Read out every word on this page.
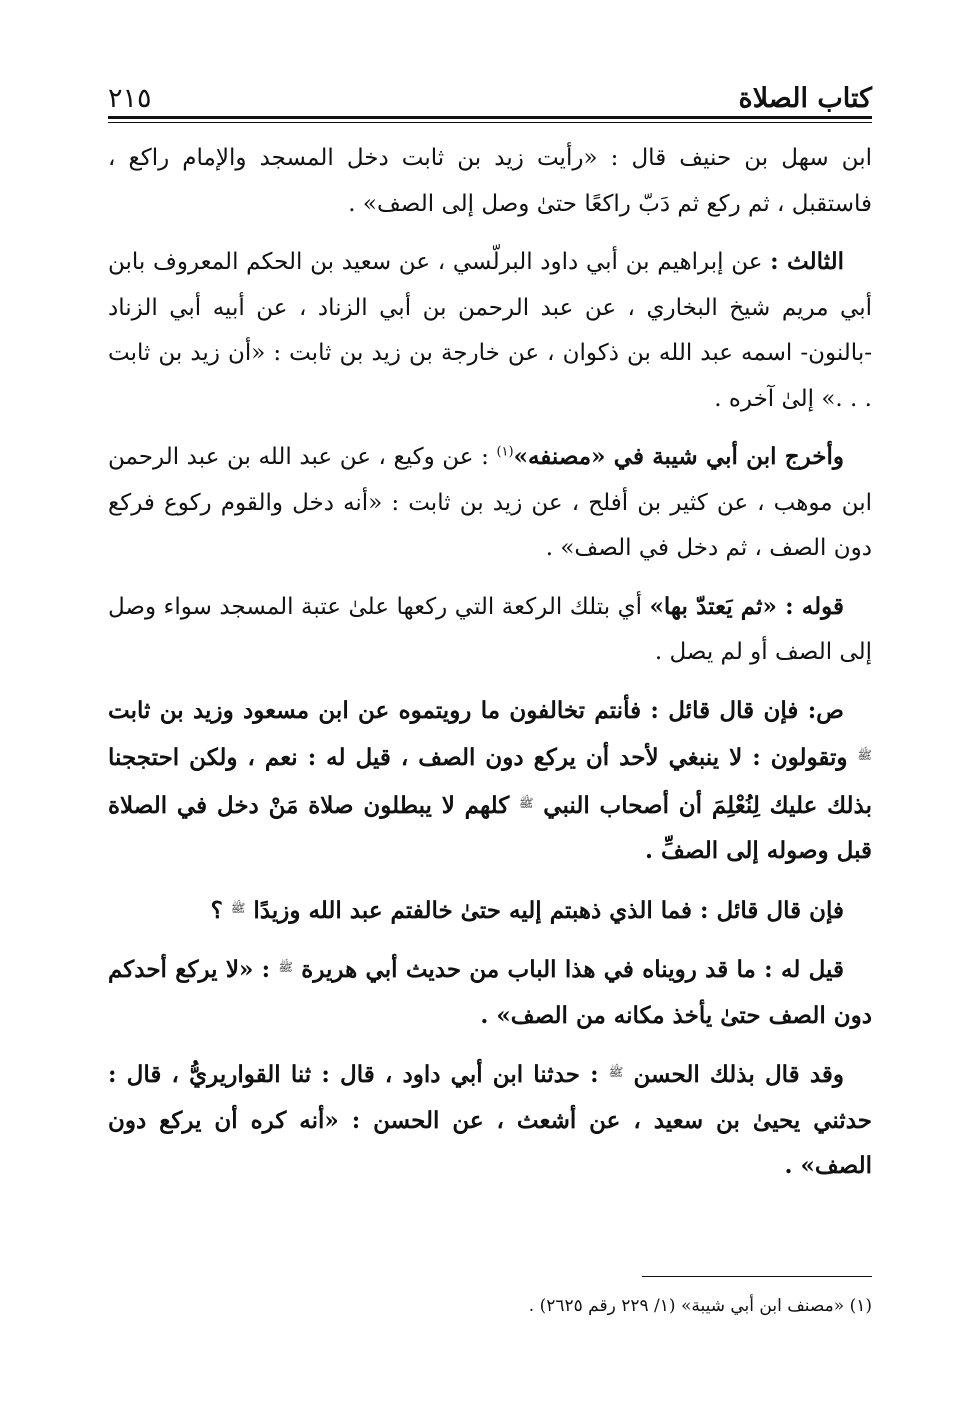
كتاب الصلاة
٢١٥

ابن سهل بن حنيف قال : «رأيت زيد بن ثابت دخل المسجد والإمام راكع ، فاستقبل ، ثم ركع ثم دَبّ راكعًا حتىٰ وصل إلى الصف» .

الثالث : عن إبراهيم بن أبي داود البرلّسي ، عن سعيد بن الحكم المعروف بابن أبي مريم شيخ البخاري ، عن عبد الرحمن بن أبي الزناد ، عن أبيه أبي الزناد -بالنون- اسمه عبد الله بن ذكوان ، عن خارجة بن زيد بن ثابت : «أن زيد بن ثابت . . .» إلىٰ آخره .

وأخرج ابن أبي شيبة في «مصنفه»$^{(١)}$ : عن وكيع ، عن عبد الله بن عبد الرحمن ابن موهب ، عن كثير بن أفلح ، عن زيد بن ثابت : «أنه دخل والقوم ركوع فركع دون الصف ، ثم دخل في الصف» .

قوله : «ثم يَعتدّ بها» أي بتلك الركعة التي ركعها علىٰ عتبة المسجد سواء وصل إلى الصف أو لم يصل .

ص: فإن قال قائل : فأنتم تخالفون ما رويتموه عن ابن مسعود وزيد بن ثابت $^ﷺ$ وتقولون : لا ينبغي لأحد أن يركع دون الصف ، قيل له : نعم ، ولكن احتججنا بذلك عليك لِنُعْلِمَ أن أصحاب النبي $^ﷺ$ كلهم لا يبطلون صلاة مَنْ دخل في الصلاة قبل وصوله إلى الصفِّ .

فإن قال قائل : فما الذي ذهبتم إليه حتىٰ خالفتم عبد الله وزيدًا $^ﷺ$ ؟

قيل له : ما قد رويناه في هذا الباب من حديث أبي هريرة $^ﷺ$ : «لا يركع أحدكم دون الصف حتىٰ يأخذ مكانه من الصف» .

وقد قال بذلك الحسن $^ﷺ$ : حدثنا ابن أبي داود ، قال : ثنا القواريريُّ ، قال : حدثني يحيىٰ بن سعيد ، عن أشعث ، عن الحسن : «أنه كره أن يركع دون الصف» .

(١) «مصنف ابن أبي شيبة» (١/ ٢٢٩ رقم ٢٦٢٥) .
